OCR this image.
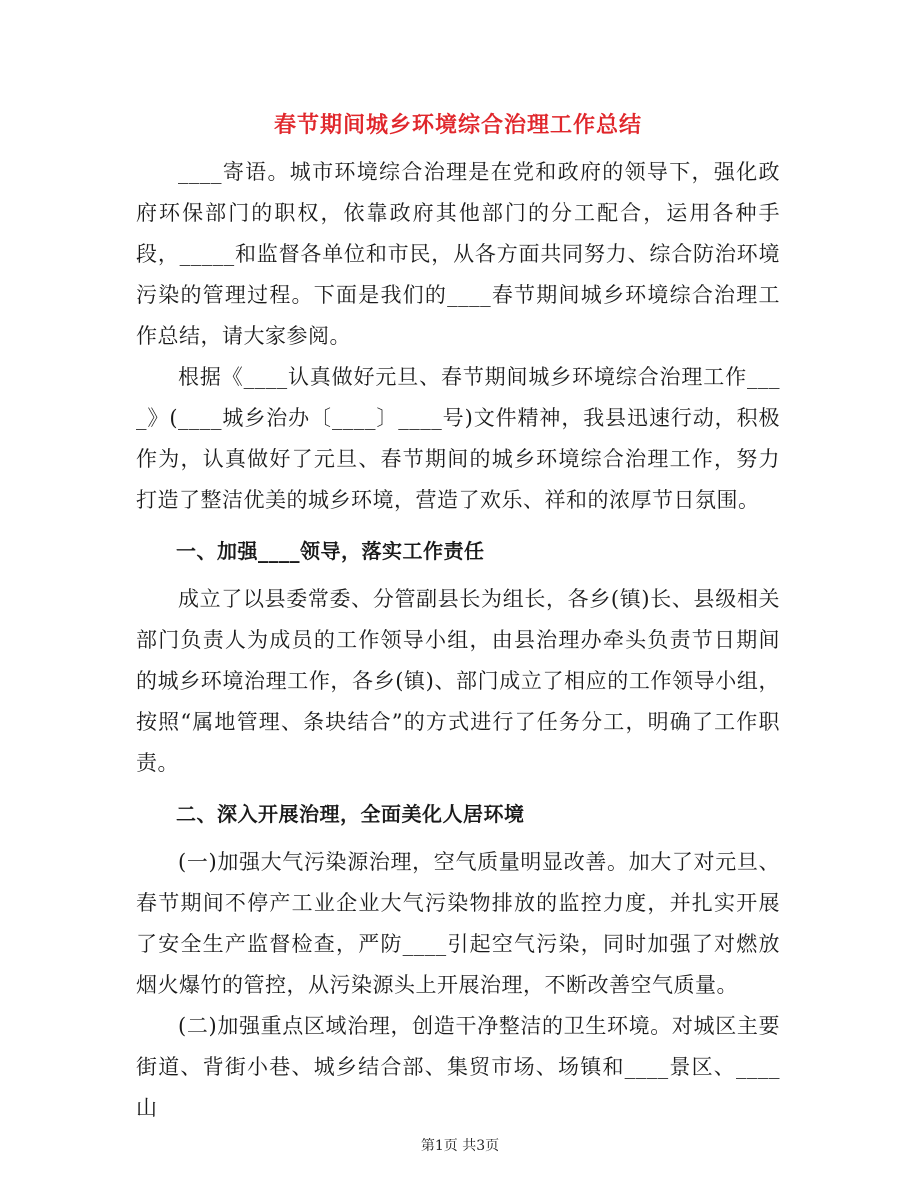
春节期间城乡环境综合治理工作总结

____寄语。城市环境综合治理是在党和政府的领导下，强化政府环保部门的职权，依靠政府其他部门的分工配合，运用各种手段，_____和监督各单位和市民，从各方面共同努力、综合防治环境污染的管理过程。下面是我们的____春节期间城乡环境综合治理工作总结，请大家参阅。

根据《____认真做好元旦、春节期间城乡环境综合治理工作____》(____城乡治办〔____〕____号)文件精神，我县迅速行动，积极作为，认真做好了元旦、春节期间的城乡环境综合治理工作，努力打造了整洁优美的城乡环境，营造了欢乐、祥和的浓厚节日氛围。

一、加强____领导，落实工作责任

成立了以县委常委、分管副县长为组长，各乡(镇)长、县级相关部门负责人为成员的工作领导小组，由县治理办牵头负责节日期间的城乡环境治理工作，各乡(镇)、部门成立了相应的工作领导小组，按照“属地管理、条块结合”的方式进行了任务分工，明确了工作职责。

二、深入开展治理，全面美化人居环境

(一)加强大气污染源治理，空气质量明显改善。加大了对元旦、春节期间不停产工业企业大气污染物排放的监控力度，并扎实开展了安全生产监督检查，严防____引起空气污染，同时加强了对燃放烟火爆竹的管控，从污染源头上开展治理，不断改善空气质量。

(二)加强重点区域治理，创造干净整洁的卫生环境。对城区主要街道、背街小巷、城乡结合部、集贸市场、场镇和____景区、____山

第1页 共3页
